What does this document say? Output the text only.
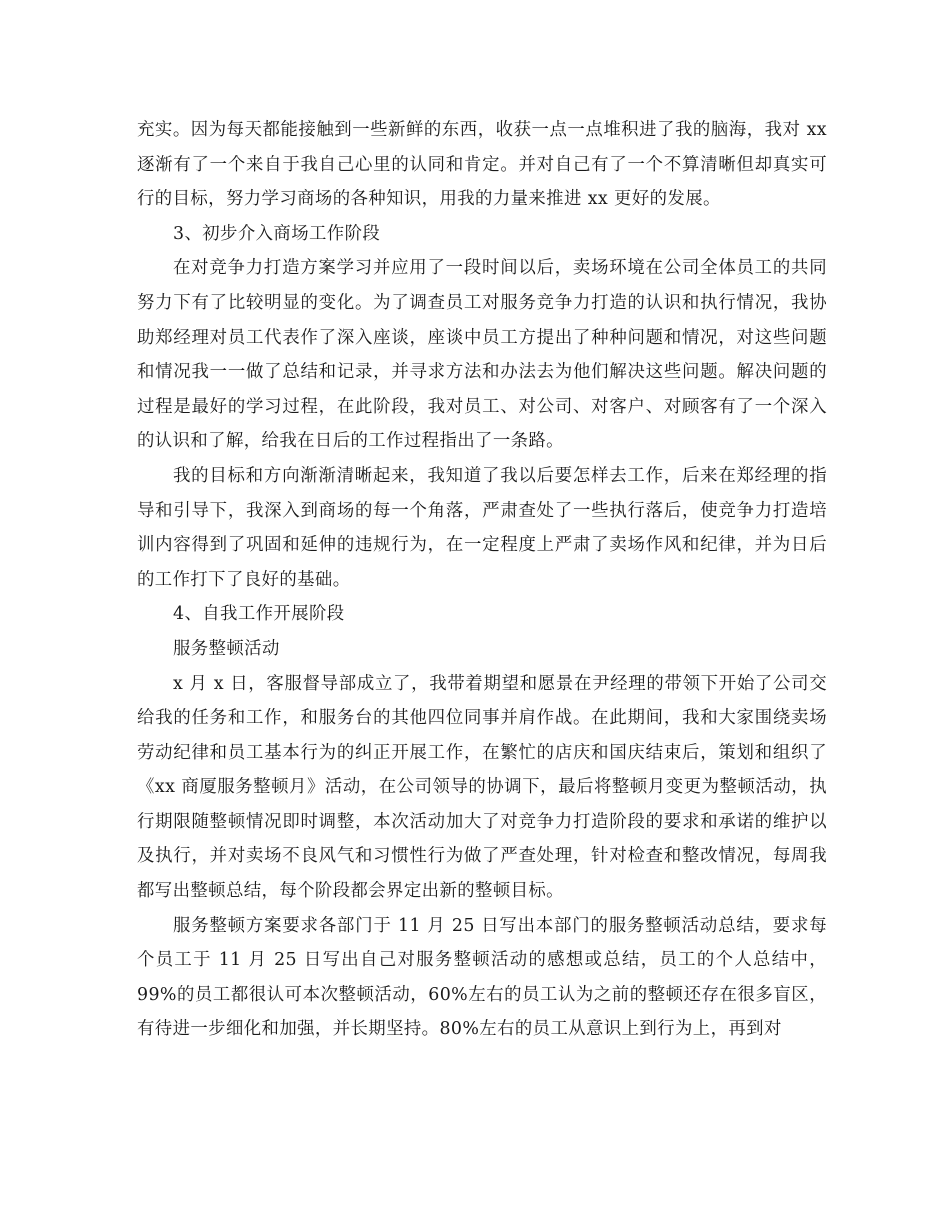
充实。因为每天都能接触到一些新鲜的东西，收获一点一点堆积进了我的脑海，我对 xx 逐渐有了一个来自于我自己心里的认同和肯定。并对自己有了一个不算清晰但却真实可行的目标，努力学习商场的各种知识，用我的力量来推进 xx 更好的发展。

3、初步介入商场工作阶段

在对竞争力打造方案学习并应用了一段时间以后，卖场环境在公司全体员工的共同努力下有了比较明显的变化。为了调查员工对服务竞争力打造的认识和执行情况，我协助郑经理对员工代表作了深入座谈，座谈中员工方提出了种种问题和情况，对这些问题和情况我一一做了总结和记录，并寻求方法和办法去为他们解决这些问题。解决问题的过程是最好的学习过程，在此阶段，我对员工、对公司、对客户、对顾客有了一个深入的认识和了解，给我在日后的工作过程指出了一条路。

我的目标和方向渐渐清晰起来，我知道了我以后要怎样去工作，后来在郑经理的指导和引导下，我深入到商场的每一个角落，严肃查处了一些执行落后，使竞争力打造培训内容得到了巩固和延伸的违规行为，在一定程度上严肃了卖场作风和纪律，并为日后的工作打下了良好的基础。

4、自我工作开展阶段

服务整顿活动

x 月 x 日，客服督导部成立了，我带着期望和愿景在尹经理的带领下开始了公司交给我的任务和工作，和服务台的其他四位同事并肩作战。在此期间，我和大家围绕卖场劳动纪律和员工基本行为的纠正开展工作，在繁忙的店庆和国庆结束后，策划和组织了《xx 商厦服务整顿月》活动，在公司领导的协调下，最后将整顿月变更为整顿活动，执行期限随整顿情况即时调整，本次活动加大了对竞争力打造阶段的要求和承诺的维护以及执行，并对卖场不良风气和习惯性行为做了严查处理，针对检查和整改情况，每周我都写出整顿总结，每个阶段都会界定出新的整顿目标。

服务整顿方案要求各部门于 11 月 25 日写出本部门的服务整顿活动总结，要求每个员工于 11 月 25 日写出自己对服务整顿活动的感想或总结，员工的个人总结中，99%的员工都很认可本次整顿活动，60%左右的员工认为之前的整顿还存在很多盲区，有待进一步细化和加强，并长期坚持。80%左右的员工从意识上到行为上，再到对
